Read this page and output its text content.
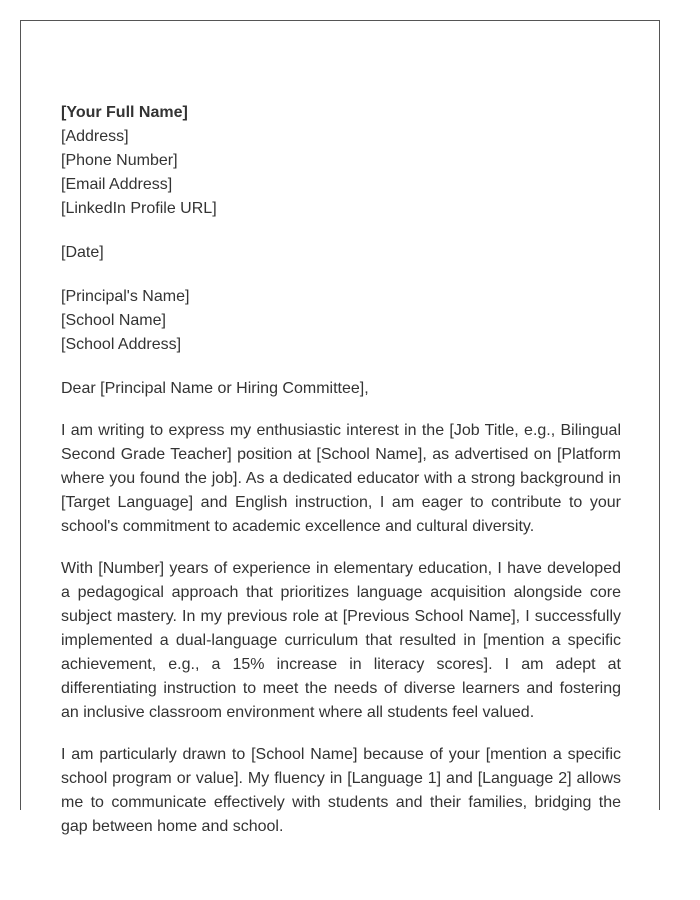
[Your Full Name]
[Address]
[Phone Number]
[Email Address]
[LinkedIn Profile URL]
[Date]
[Principal's Name]
[School Name]
[School Address]
Dear [Principal Name or Hiring Committee],

I am writing to express my enthusiastic interest in the [Job Title, e.g., Bilingual Second Grade Teacher] position at [School Name], as advertised on [Platform where you found the job]. As a dedicated educator with a strong background in [Target Language] and English instruction, I am eager to contribute to your school's commitment to academic excellence and cultural diversity.

With [Number] years of experience in elementary education, I have developed a pedagogical approach that prioritizes language acquisition alongside core subject mastery. In my previous role at [Previous School Name], I successfully implemented a dual-language curriculum that resulted in [mention a specific achievement, e.g., a 15% increase in literacy scores]. I am adept at differentiating instruction to meet the needs of diverse learners and fostering an inclusive classroom environment where all students feel valued.

I am particularly drawn to [School Name] because of your [mention a specific school program or value]. My fluency in [Language 1] and [Language 2] allows me to communicate effectively with students and their families, bridging the gap between home and school.
